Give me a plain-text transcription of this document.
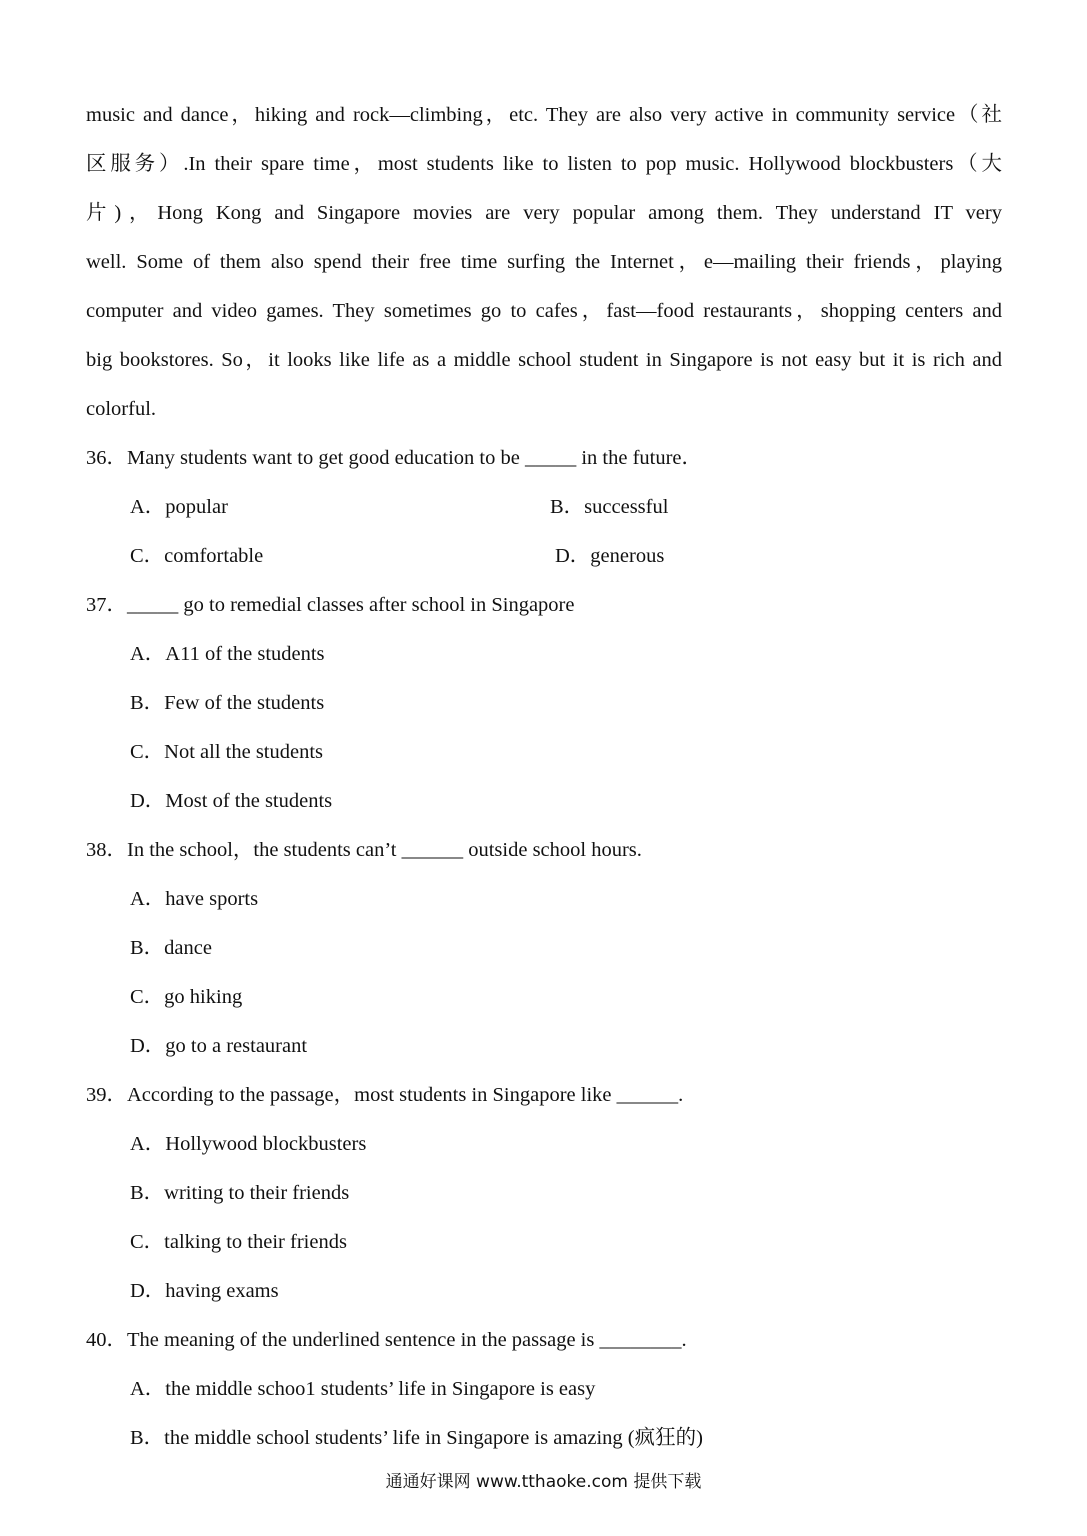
music and dance，hiking and rock—climbing，etc. They are also very active in community service（社
区服务）.In their spare time，most students like to listen to pop music. Hollywood blockbusters（大
片)，Hong Kong and Singapore movies are very popular among them. They understand IT very
well. Some of them also spend their free time surfing the Internet，e—mailing their friends，playing
computer and video games. They sometimes go to cafes，fast—food restaurants，shopping centers and
big bookstores. So，it looks like life as a middle school student in Singapore is not easy but it is rich and
colorful.
36．Many students want to get good education to be _____ in the future．
A．popular	B．successful
C．comfortable	D．generous
37．_____ go to remedial classes after school in Singapore
A．A11 of the students
B．Few of the students
C．Not all the students
D．Most of the students
38．In the school，the students can’t ______ outside school hours.
A．have sports
B．dance
C．go hiking
D．go to a restaurant
39．According to the passage，most students in Singapore like ______.
A．Hollywood blockbusters
B．writing to their friends
C．talking to their friends
D．having exams
40．The meaning of the underlined sentence in the passage is ________.
A．the middle schoo1 students’ life in Singapore is easy
B．the middle school students’ life in Singapore is amazing (疯狂的)
通通好课网 www.tthaoke.com 提供下载
